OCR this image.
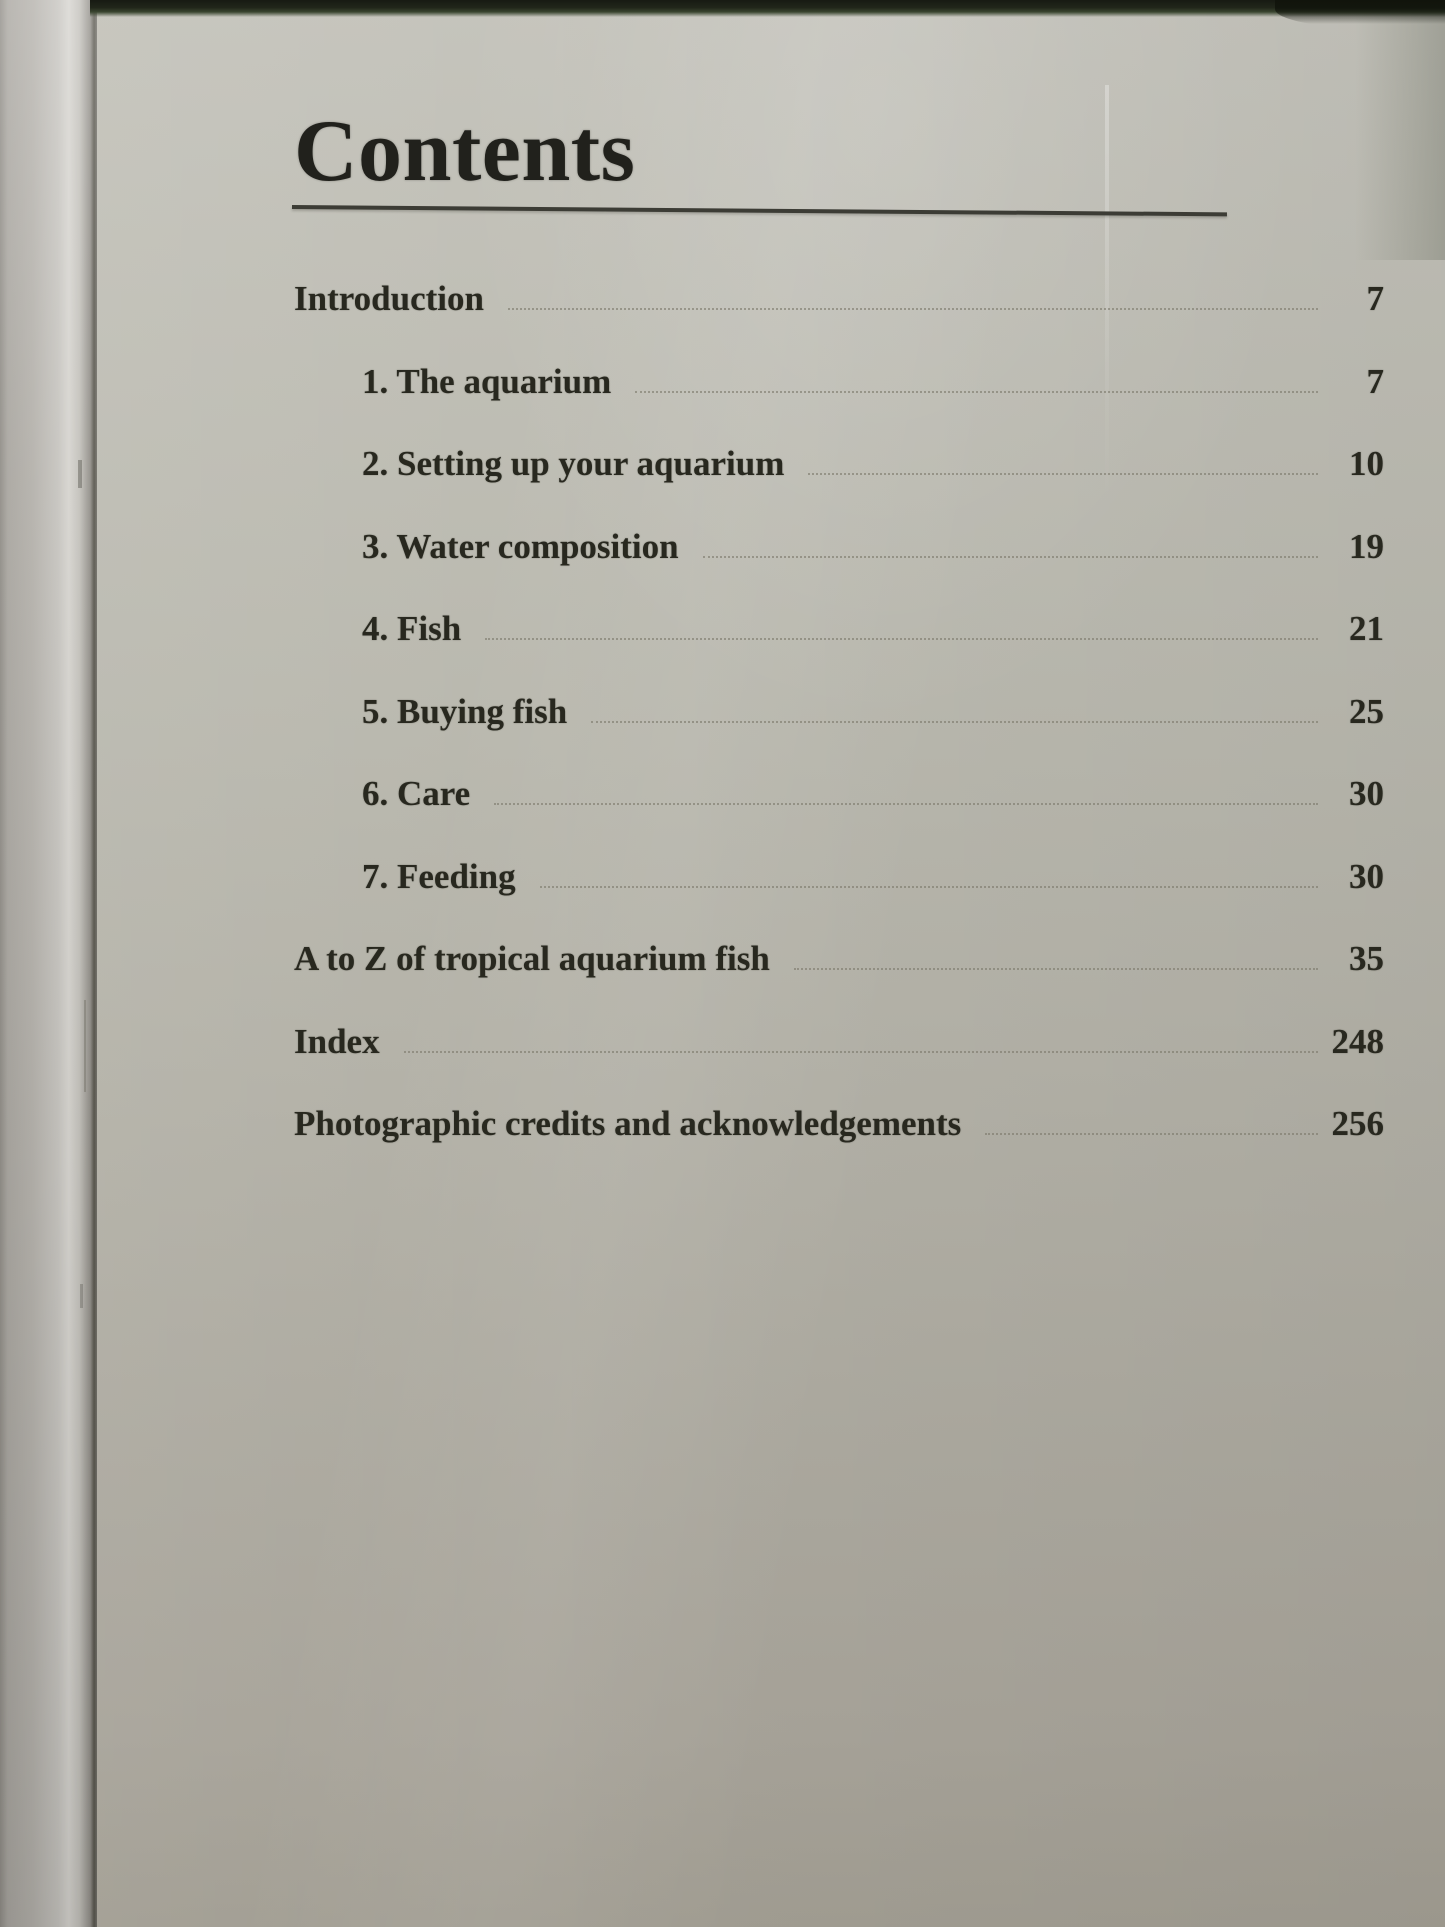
Contents
Introduction	7
1. The aquarium	7
2. Setting up your aquarium	10
3. Water composition	19
4. Fish	21
5. Buying fish	25
6. Care	30
7. Feeding	30
A to Z of tropical aquarium fish	35
Index	248
Photographic credits and acknowledgements	256
